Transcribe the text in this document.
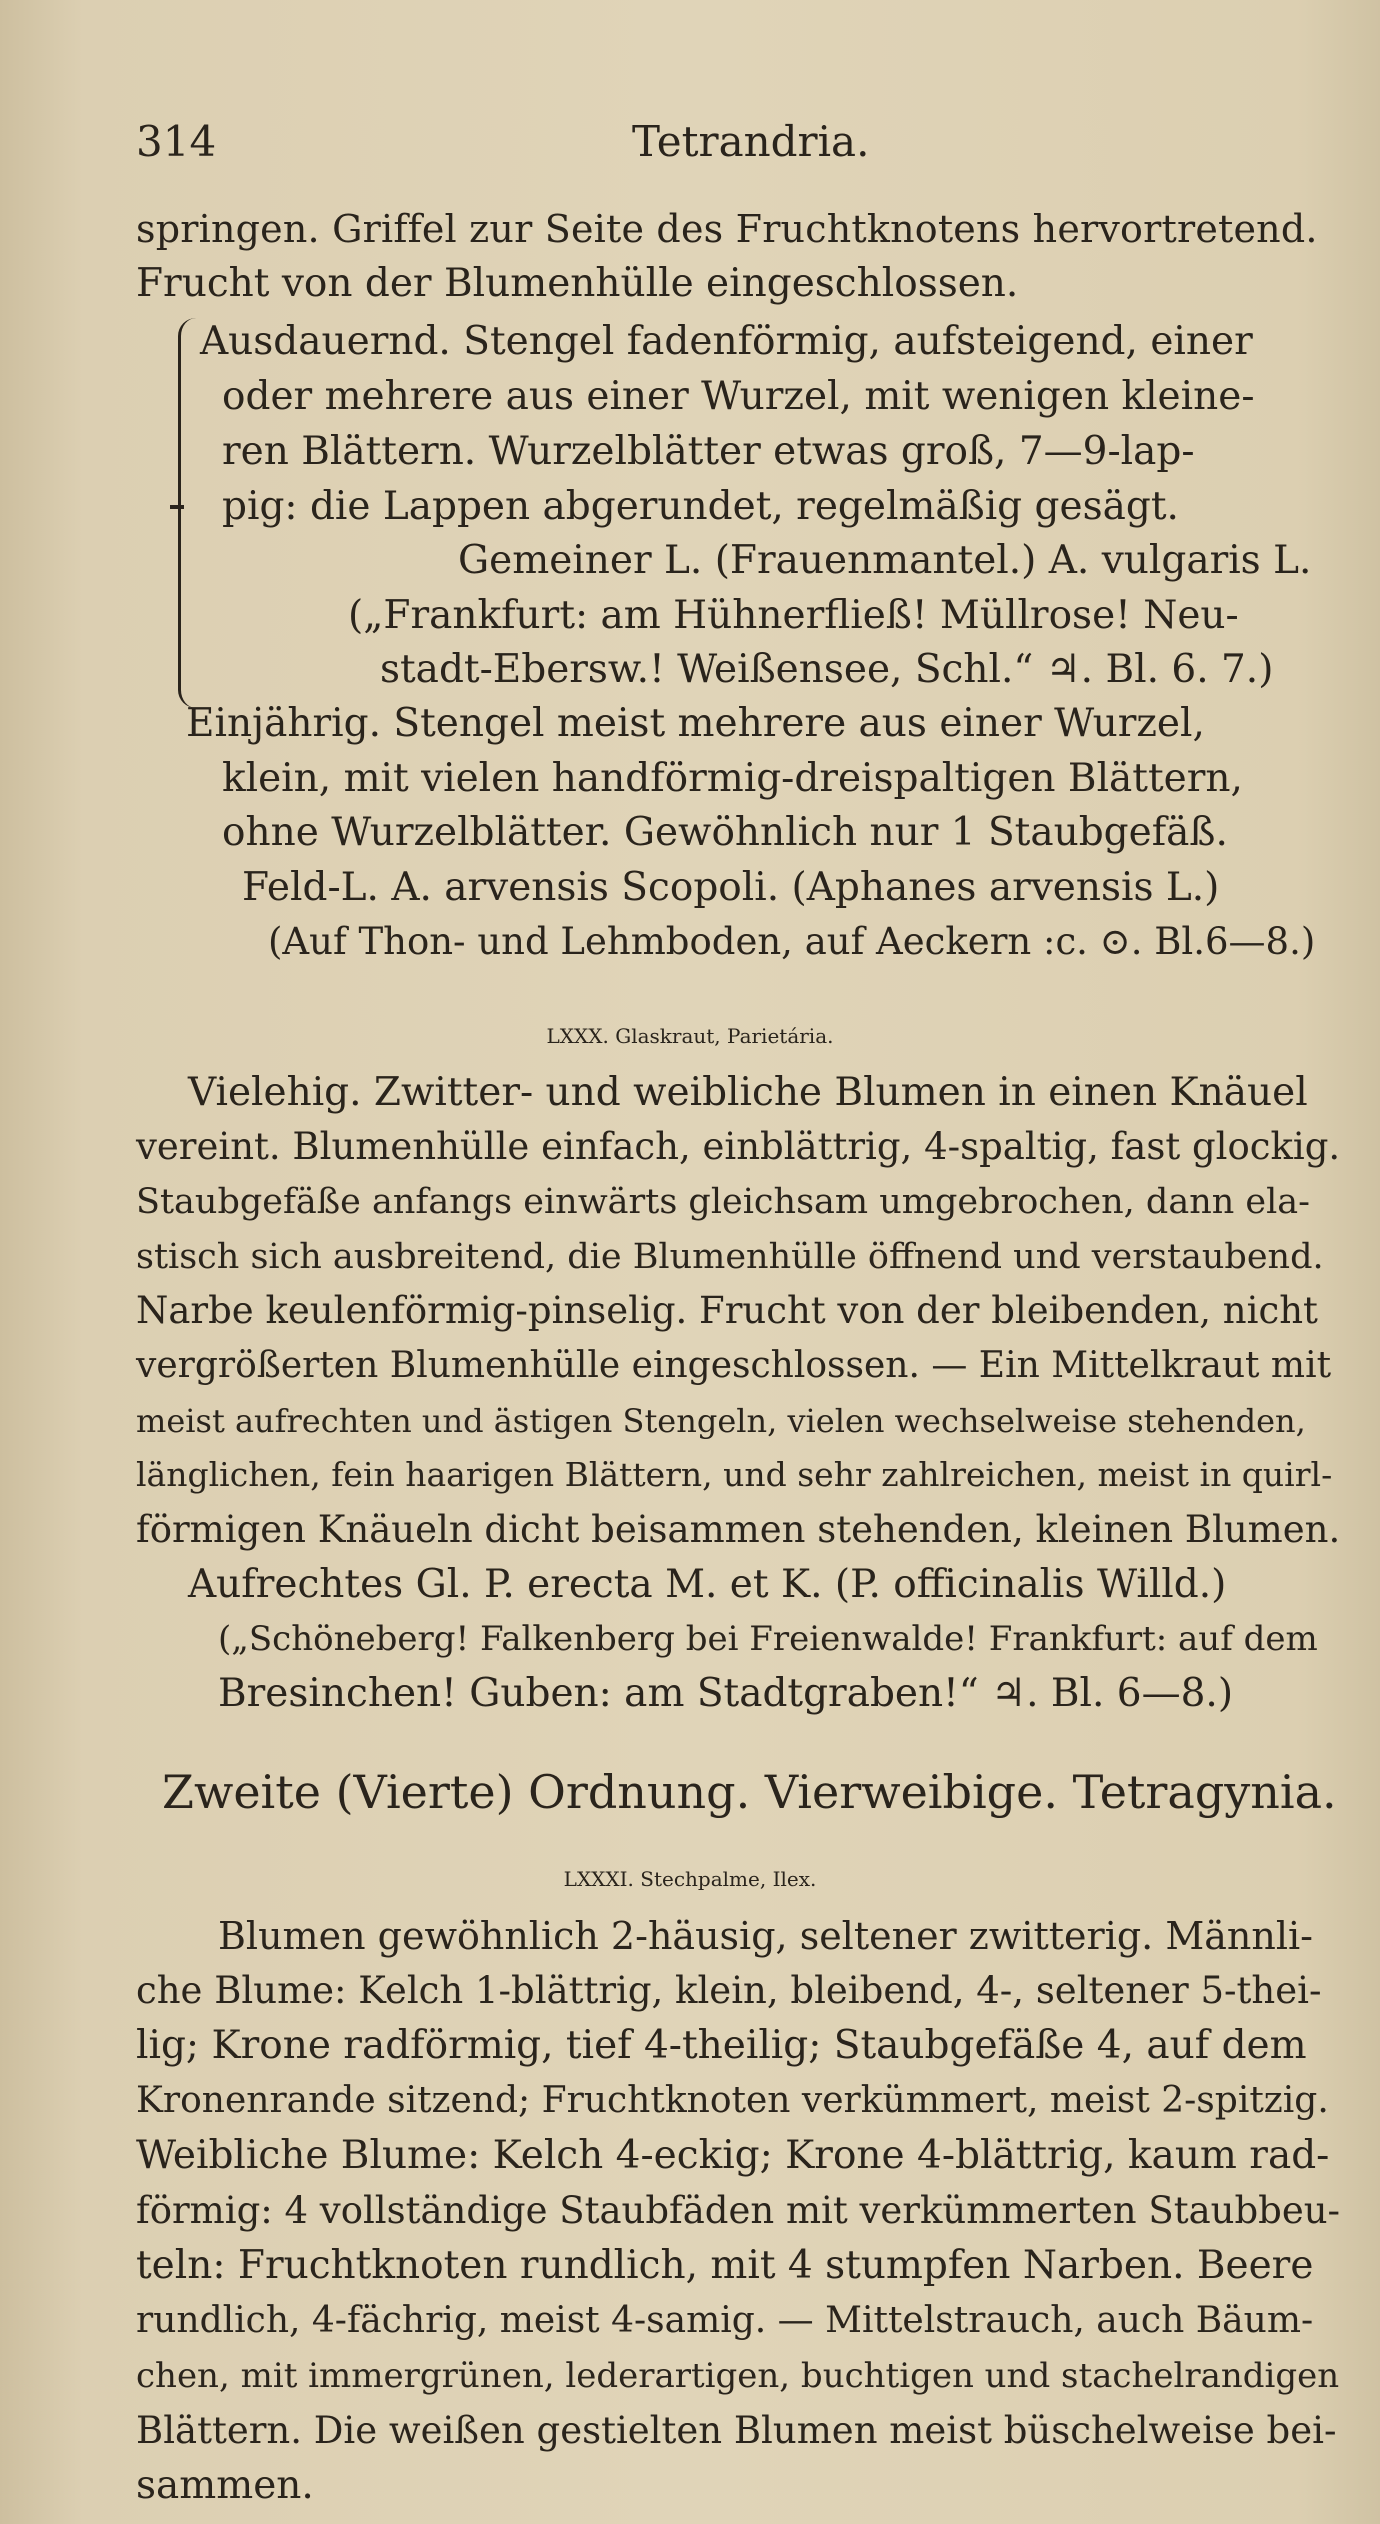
314	Tetrandria.
springen. Griffel zur Seite des Fruchtknotens hervortretend.
Frucht von der Blumenhülle eingeschlossen.
Ausdauernd. Stengel fadenförmig, aufsteigend, einer
oder mehrere aus einer Wurzel, mit wenigen kleine-
ren Blättern. Wurzelblätter etwas groß, 7—9-lap-
pig: die Lappen abgerundet, regelmäßig gesägt.
Gemeiner L. (Frauenmantel.) A. vulgaris L.
(„Frankfurt: am Hühnerfließ! Müllrose! Neu-
stadt-Ebersw.! Weißensee, Schl.“ ♃. Bl. 6. 7.)
Einjährig. Stengel meist mehrere aus einer Wurzel,
klein, mit vielen handförmig-dreispaltigen Blättern,
ohne Wurzelblätter. Gewöhnlich nur 1 Staubgefäß.
Feld-L. A. arvensis Scopoli. (Aphanes arvensis L.)
(Auf Thon- und Lehmboden, auf Aeckern :c. ⊙. Bl.6—8.)
LXXX. Glaskraut, Parietária.
Vielehig. Zwitter- und weibliche Blumen in einen Knäuel
vereint. Blumenhülle einfach, einblättrig, 4-spaltig, fast glockig.
Staubgefäße anfangs einwärts gleichsam umgebrochen, dann ela-
stisch sich ausbreitend, die Blumenhülle öffnend und verstaubend.
Narbe keulenförmig-pinselig. Frucht von der bleibenden, nicht
vergrößerten Blumenhülle eingeschlossen. — Ein Mittelkraut mit
meist aufrechten und ästigen Stengeln, vielen wechselweise stehenden,
länglichen, fein haarigen Blättern, und sehr zahlreichen, meist in quirl-
förmigen Knäueln dicht beisammen stehenden, kleinen Blumen.
Aufrechtes Gl. P. erecta M. et K. (P. officinalis Willd.)
(„Schöneberg! Falkenberg bei Freienwalde! Frankfurt: auf dem
Bresinchen! Guben: am Stadtgraben!“ ♃. Bl. 6—8.)
Zweite (Vierte) Ordnung. Vierweibige. Tetragynia.
LXXXI. Stechpalme, Ilex.
Blumen gewöhnlich 2-häusig, seltener zwitterig. Männli-
che Blume: Kelch 1-blättrig, klein, bleibend, 4-, seltener 5-thei-
lig; Krone radförmig, tief 4-theilig; Staubgefäße 4, auf dem
Kronenrande sitzend; Fruchtknoten verkümmert, meist 2-spitzig.
Weibliche Blume: Kelch 4-eckig; Krone 4-blättrig, kaum rad-
förmig: 4 vollständige Staubfäden mit verkümmerten Staubbeu-
teln: Fruchtknoten rundlich, mit 4 stumpfen Narben. Beere
rundlich, 4-fächrig, meist 4-samig. — Mittelstrauch, auch Bäum-
chen, mit immergrünen, lederartigen, buchtigen und stachelrandigen
Blättern. Die weißen gestielten Blumen meist büschelweise bei-
sammen.
